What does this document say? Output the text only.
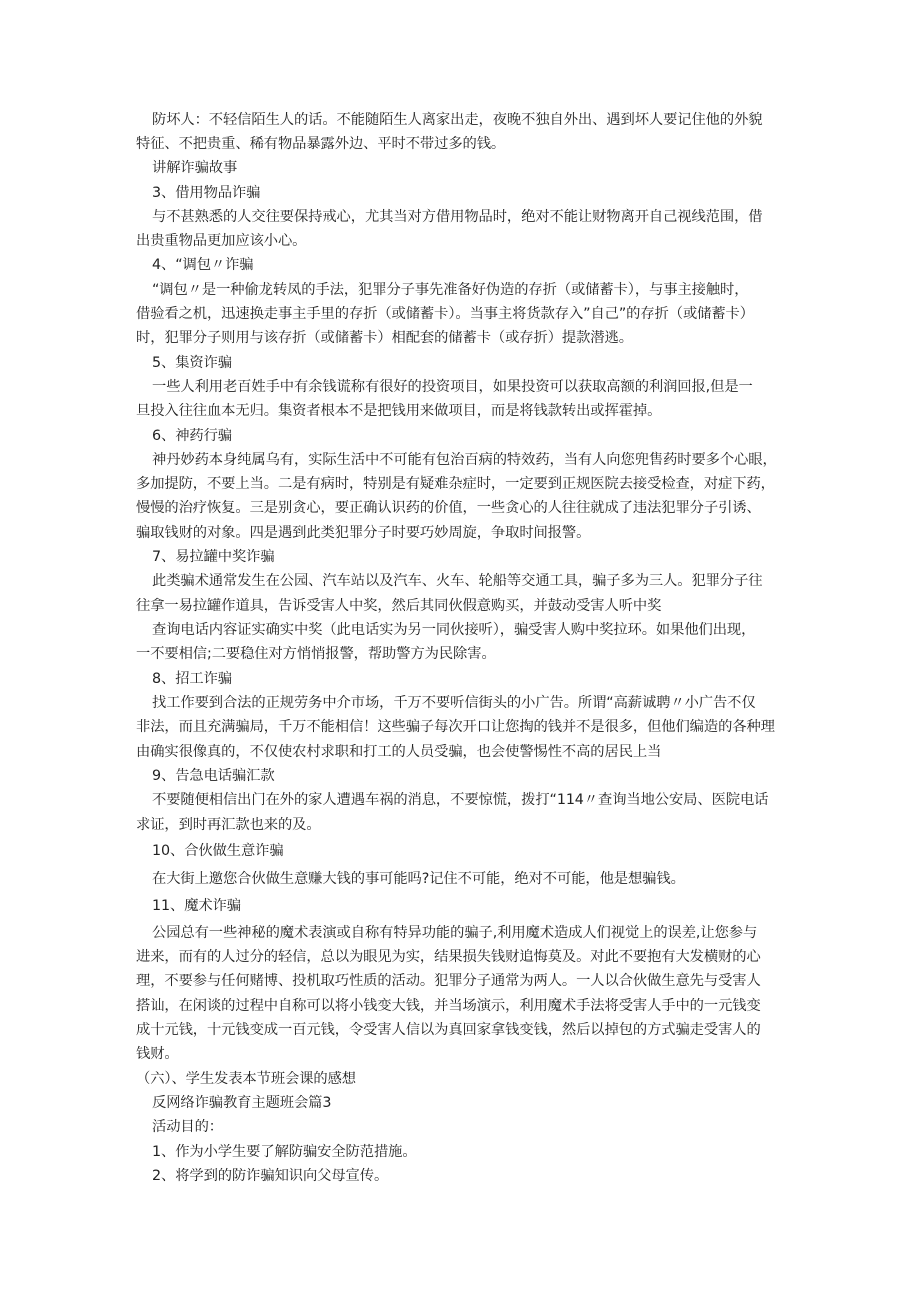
防坏人：不轻信陌生人的话。不能随陌生人离家出走，夜晚不独自外出、遇到坏人要记住他的外貌
特征、不把贵重、稀有物品暴露外边、平时不带过多的钱。
讲解诈骗故事
3、借用物品诈骗
与不甚熟悉的人交往要保持戒心，尤其当对方借用物品时，绝对不能让财物离开自己视线范围，借
出贵重物品更加应该小心。
4、“调包〃诈骗
“调包〃是一种偷龙转凤的手法，犯罪分子事先准备好伪造的存折（或储蓄卡），与事主接触时，
借验看之机，迅速换走事主手里的存折（或储蓄卡）。当事主将货款存入”自己”的存折（或储蓄卡）
时，犯罪分子则用与该存折（或储蓄卡）相配套的储蓄卡（或存折）提款潜逃。
5、集资诈骗
一些人利用老百姓手中有余钱谎称有很好的投资项目，如果投资可以获取高额的利润回报,但是一
旦投入往往血本无归。集资者根本不是把钱用来做项目，而是将钱款转出或挥霍掉。
6、神药行骗
神丹妙药本身纯属乌有，实际生活中不可能有包治百病的特效药，当有人向您兜售药时要多个心眼，
多加提防，不要上当。二是有病时，特别是有疑难杂症时，一定要到正规医院去接受检查，对症下药，
慢慢的治疗恢复。三是别贪心，要正确认识药的价值，一些贪心的人往往就成了违法犯罪分子引诱、
骗取钱财的对象。四是遇到此类犯罪分子时要巧妙周旋，争取时间报警。
7、易拉罐中奖诈骗
此类骗术通常发生在公园、汽车站以及汽车、火车、轮船等交通工具，骗子多为三人。犯罪分子往
往拿一易拉罐作道具，告诉受害人中奖，然后其同伙假意购买，并鼓动受害人听中奖
查询电话内容证实确实中奖（此电话实为另一同伙接听），骗受害人购中奖拉环。如果他们出现，
一不要相信;二要稳住对方悄悄报警，帮助警方为民除害。
8、招工诈骗
找工作要到合法的正规劳务中介市场，千万不要听信街头的小广告。所谓“高薪诚聘〃小广告不仅
非法，而且充满骗局，千万不能相信！这些骗子每次开口让您掏的钱并不是很多，但他们编造的各种理
由确实很像真的，不仅使农村求职和打工的人员受骗，也会使警惕性不高的居民上当
9、告急电话骗汇款
不要随便相信出门在外的家人遭遇车祸的消息，不要惊慌，拨打“114〃查询当地公安局、医院电话
求证，到时再汇款也来的及。
10、合伙做生意诈骗
在大街上邀您合伙做生意赚大钱的事可能吗?记住不可能，绝对不可能，他是想骗钱。
11、魔术诈骗
公园总有一些神秘的魔术表演或自称有特异功能的骗子,利用魔术造成人们视觉上的误差,让您参与
进来，而有的人过分的轻信，总以为眼见为实，结果损失钱财追悔莫及。对此不要抱有大发横财的心
理，不要参与任何赌博、投机取巧性质的活动。犯罪分子通常为两人。一人以合伙做生意先与受害人
搭讪，在闲谈的过程中自称可以将小钱变大钱，并当场演示，利用魔术手法将受害人手中的一元钱变
成十元钱，十元钱变成一百元钱，令受害人信以为真回家拿钱变钱，然后以掉包的方式骗走受害人的
钱财。
（六）、学生发表本节班会课的感想
反网络诈骗教育主题班会篇3
活动目的：
1、作为小学生要了解防骗安全防范措施。
2、将学到的防诈骗知识向父母宣传。
